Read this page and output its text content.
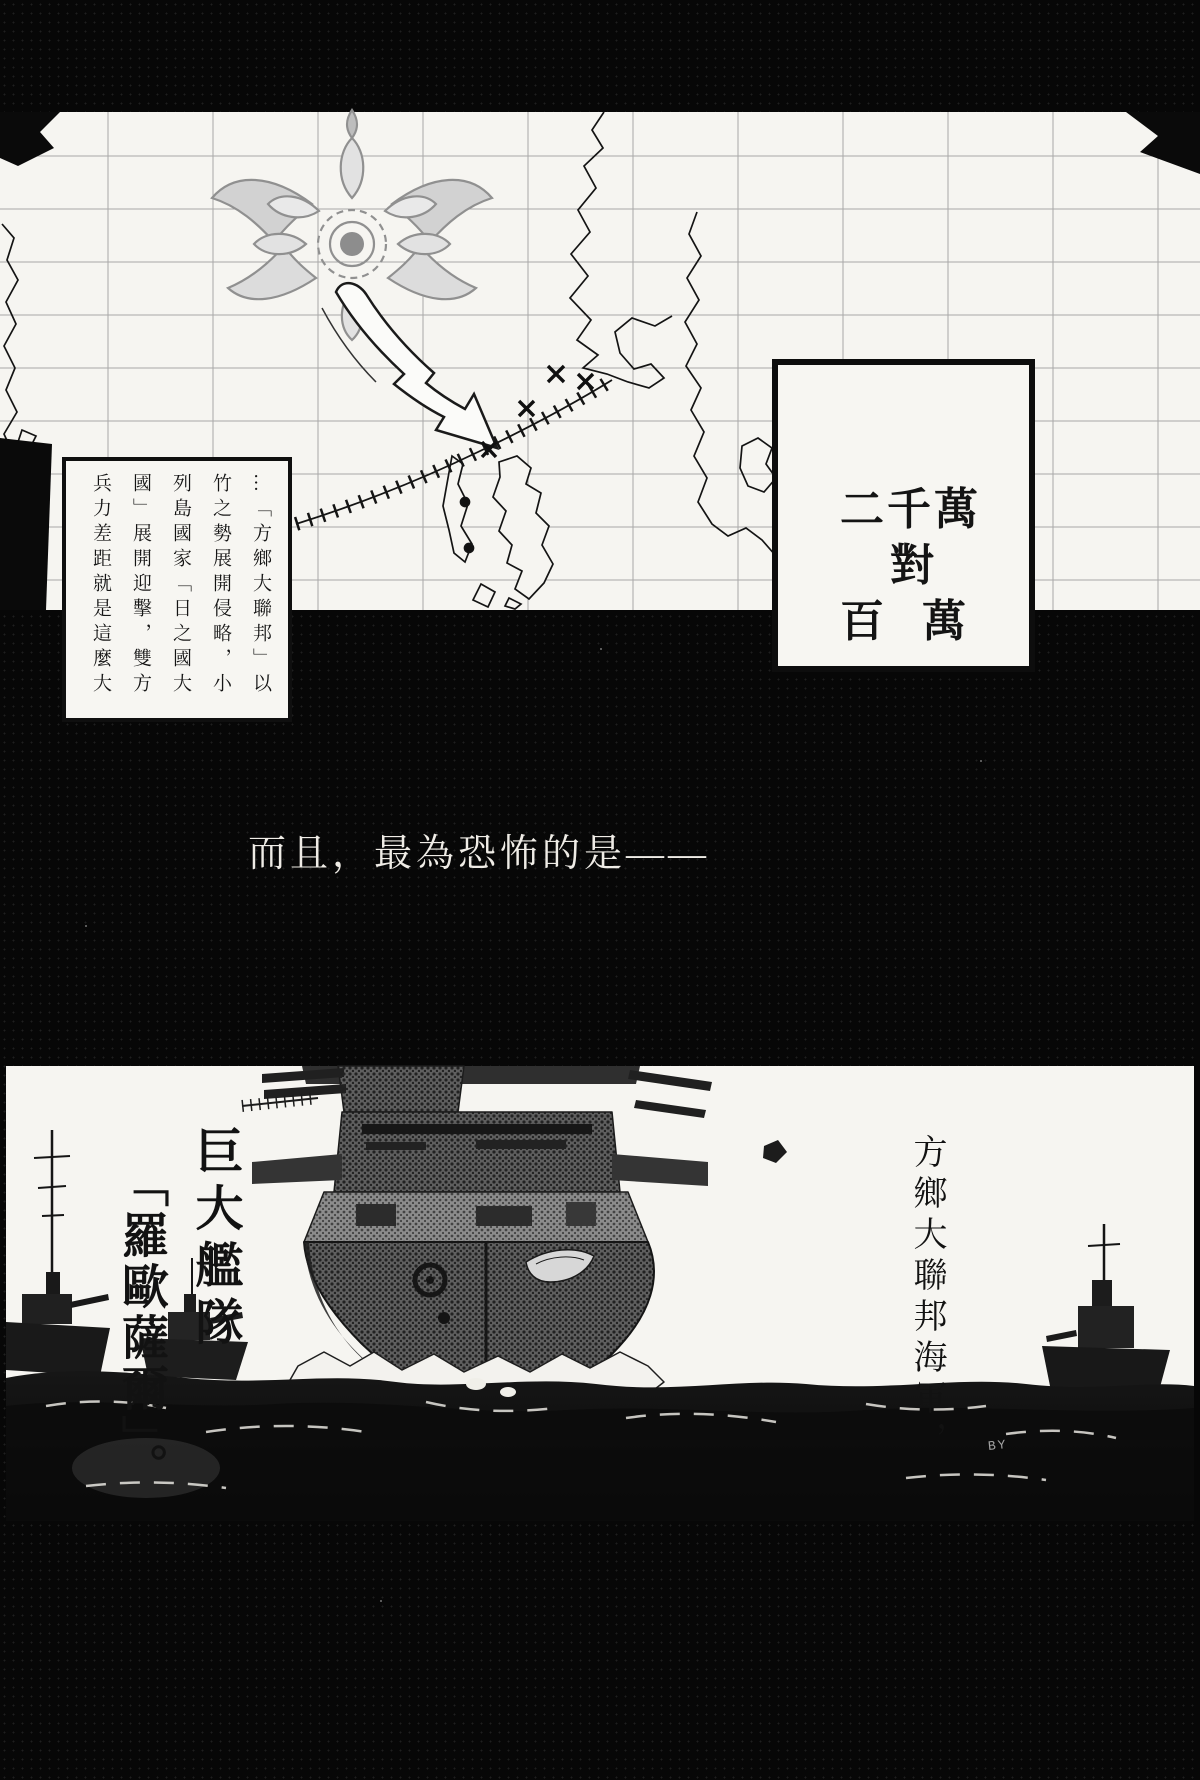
…「方鄉大聯邦」以
竹之勢展開侵略，小
列島國家「日之國大
國」展開迎擊，雙方
兵力差距就是這麼大	二千萬
對
百萬
而且，最為恐怖的是——
方鄉大聯邦海軍，
巨大艦隊
「羅歐薩爾」。	BY
